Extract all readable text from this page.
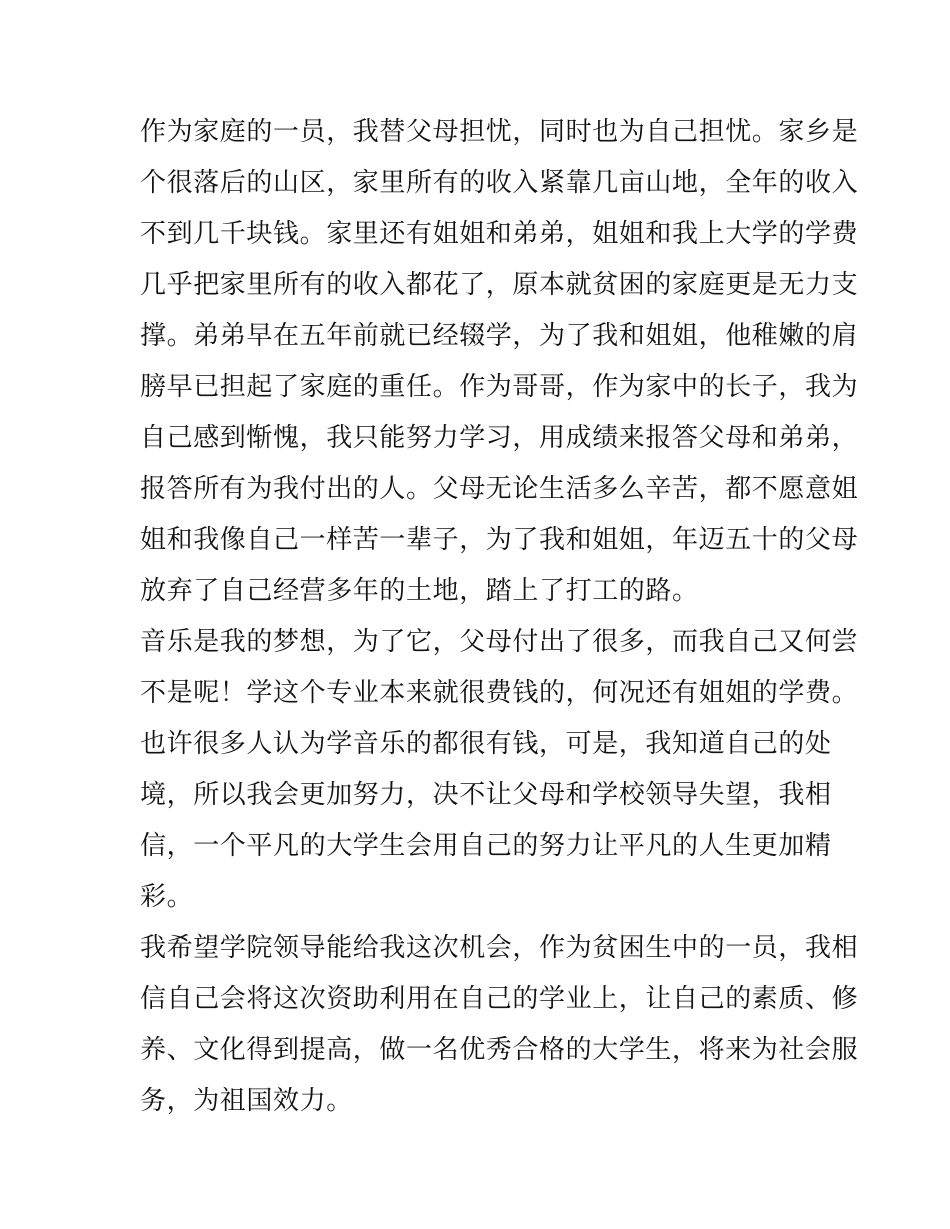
作为家庭的一员，我替父母担忧，同时也为自己担忧。家乡是
个很落后的山区，家里所有的收入紧靠几亩山地，全年的收入
不到几千块钱。家里还有姐姐和弟弟，姐姐和我上大学的学费
几乎把家里所有的收入都花了，原本就贫困的家庭更是无力支
撑。弟弟早在五年前就已经辍学，为了我和姐姐，他稚嫩的肩
膀早已担起了家庭的重任。作为哥哥，作为家中的长子，我为
自己感到惭愧，我只能努力学习，用成绩来报答父母和弟弟，
报答所有为我付出的人。父母无论生活多么辛苦，都不愿意姐
姐和我像自己一样苦一辈子，为了我和姐姐，年迈五十的父母
放弃了自己经营多年的土地，踏上了打工的路。
音乐是我的梦想，为了它，父母付出了很多，而我自己又何尝
不是呢！学这个专业本来就很费钱的，何况还有姐姐的学费。
也许很多人认为学音乐的都很有钱，可是，我知道自己的处
境，所以我会更加努力，决不让父母和学校领导失望，我相
信，一个平凡的大学生会用自己的努力让平凡的人生更加精
彩。
我希望学院领导能给我这次机会，作为贫困生中的一员，我相
信自己会将这次资助利用在自己的学业上，让自己的素质、修
养、文化得到提高，做一名优秀合格的大学生，将来为社会服
务，为祖国效力。
